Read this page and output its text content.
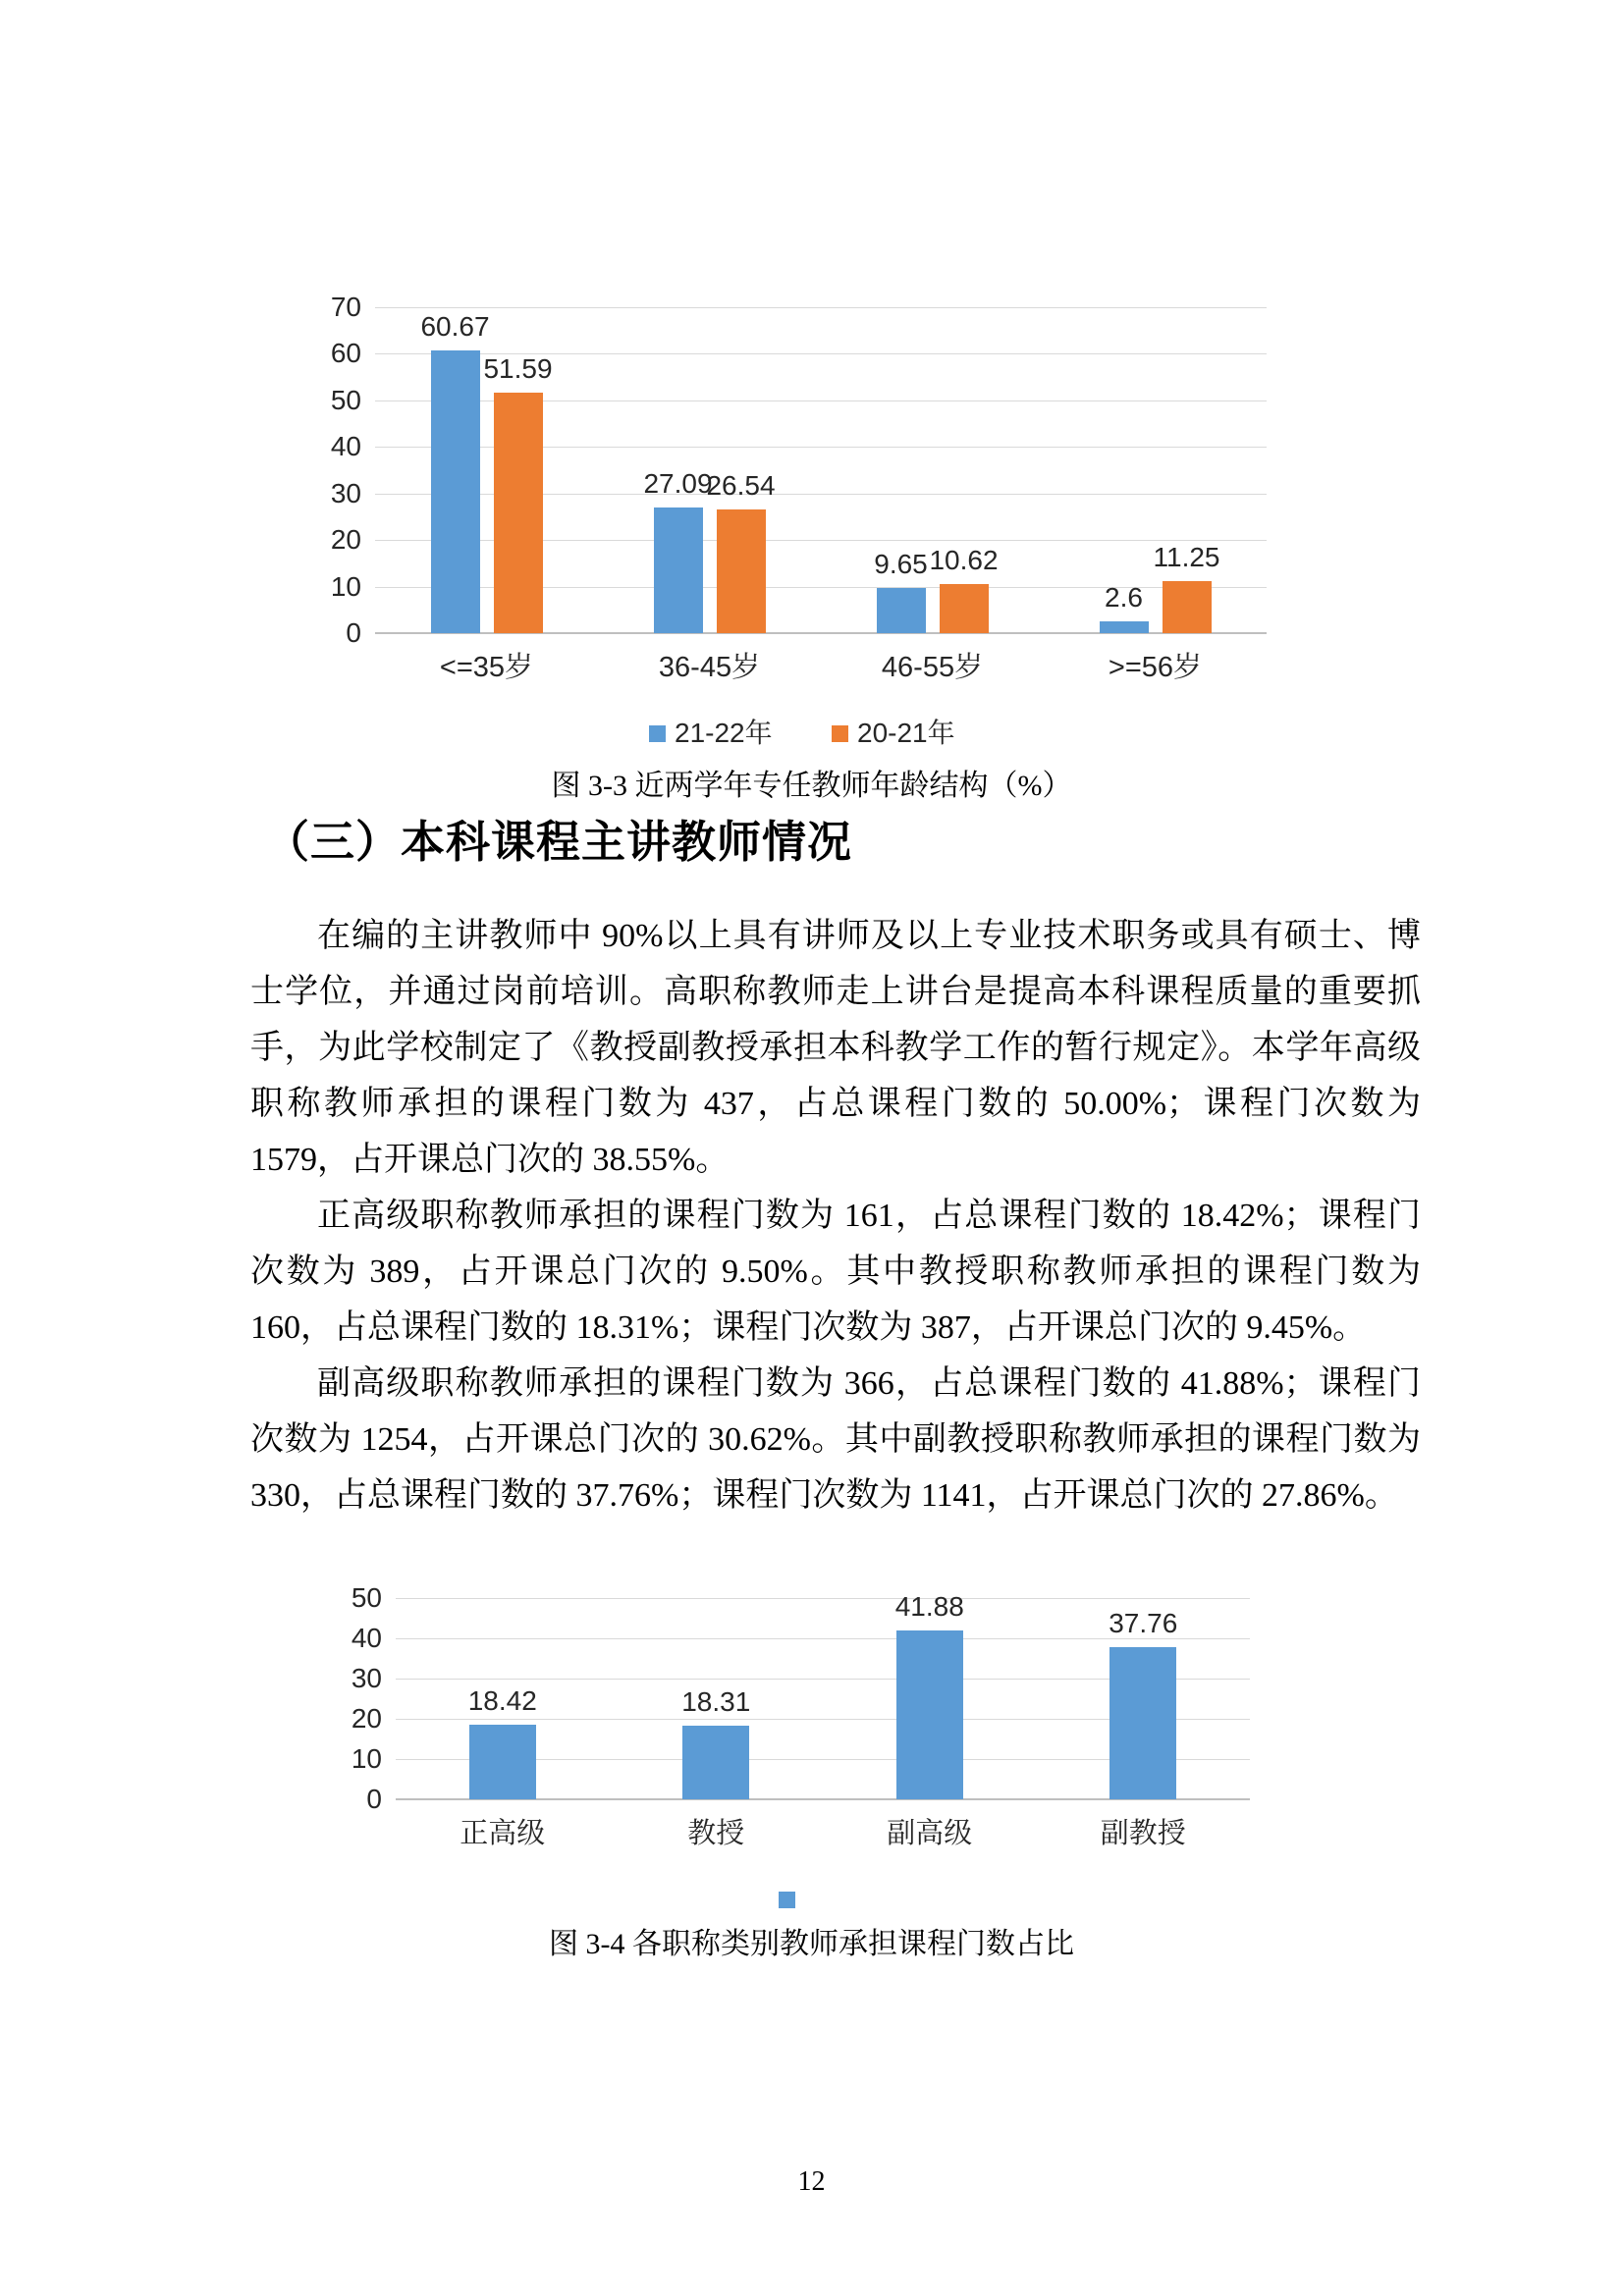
70
60
50
40
30
20
10
0
60.67
51.59
<=35岁
27.09
26.54
36-45岁
9.65 10.62
46-55岁
2.6
11.25
>=56岁
21-22年	20-21年
图 3-3 近两学年专任教师年龄结构（%）
（三）本科课程主讲教师情况

在编的主讲教师中 90%以上具有讲师及以上专业技术职务或具有硕士、博士学位，并通过岗前培训。高职称教师走上讲台是提高本科课程质量的重要抓手，为此学校制定了《教授副教授承担本科教学工作的暂行规定》。本学年高级职称教师承担的课程门数为 437，占总课程门数的 50.00%；课程门次数为 1579，占开课总门次的 38.55%。

正高级职称教师承担的课程门数为 161，占总课程门数的 18.42%；课程门次数为 389，占开课总门次的 9.50%。其中教授职称教师承担的课程门数为 160，占总课程门数的 18.31%；课程门次数为 387，占开课总门次的 9.45%。

副高级职称教师承担的课程门数为 366，占总课程门数的 41.88%；课程门次数为 1254，占开课总门次的 30.62%。其中副教授职称教师承担的课程门数为 330，占总课程门数的 37.76%；课程门次数为 1141，占开课总门次的 27.86%。

50
40
30
20
10
0
18.42
正高级
18.31
教授
41.88
副高级
37.76
副教授
图 3-4 各职称类别教师承担课程门数占比
12
